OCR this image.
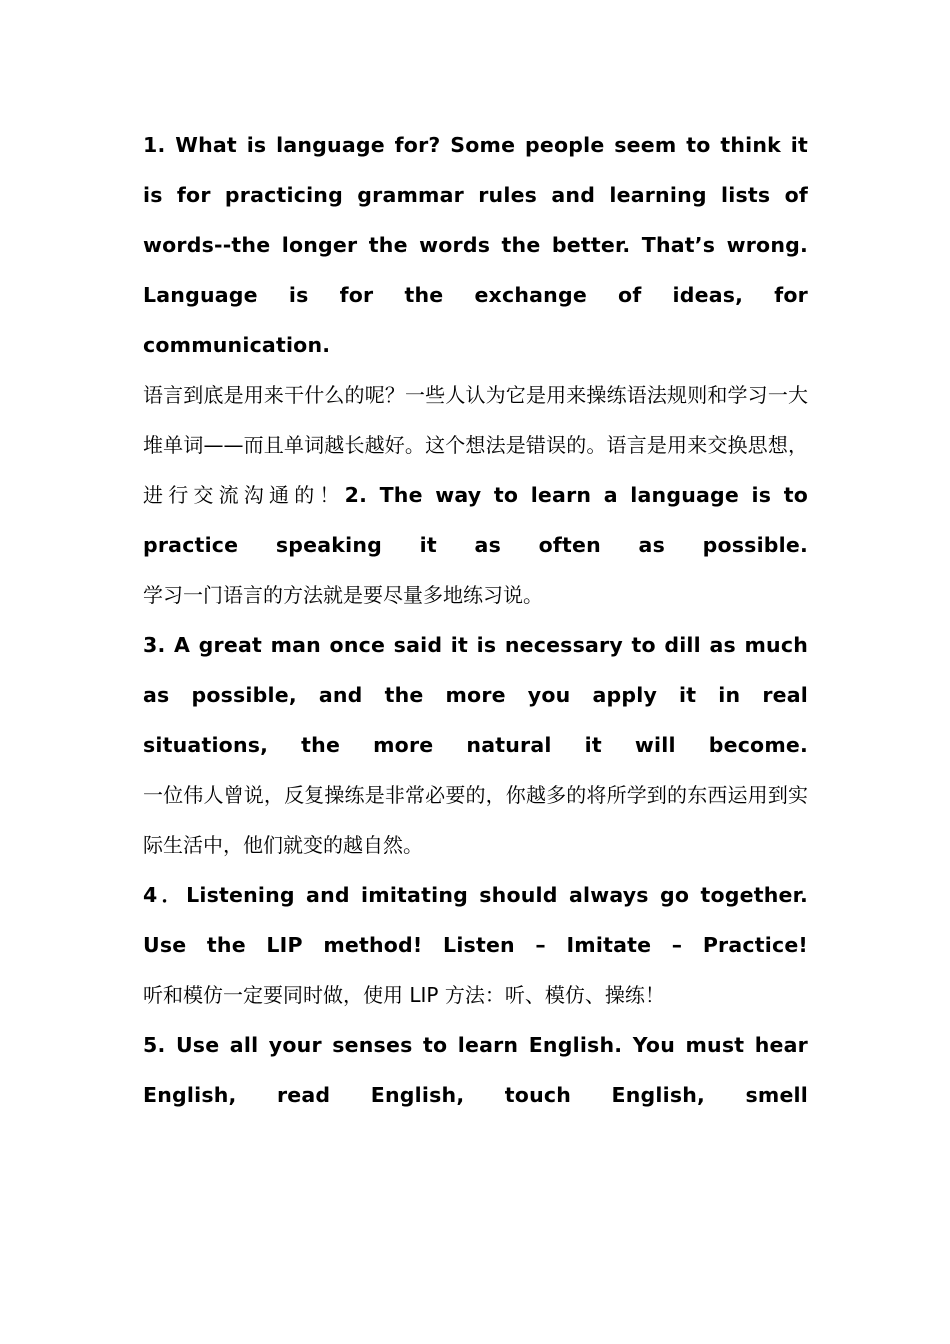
1. What is language for? Some people seem to think it is for practicing grammar rules and learning lists of words--the longer the words the better. That’s wrong. Language is for the exchange of ideas, for communication.

语言到底是用来干什么的呢？一些人认为它是用来操练语法规则和学习一大堆单词——而且单词越长越好。这个想法是错误的。语言是用来交换思想，进行交流沟通的！2. The way to learn a language is to practice speaking it as often as possible.

学习一门语言的方法就是要尽量多地练习说。

3. A great man once said it is necessary to dill as much as possible, and the more you apply it in real situations, the more natural it will become.

一位伟人曾说，反复操练是非常必要的，你越多的将所学到的东西运用到实际生活中，他们就变的越自然。

4．Listening and imitating should always go together. Use the LIP method! Listen – Imitate – Practice!

听和模仿一定要同时做，使用 LIP 方法：听、模仿、操练！

5. Use all your senses to learn English. You must hear English, read English, touch English, smell
